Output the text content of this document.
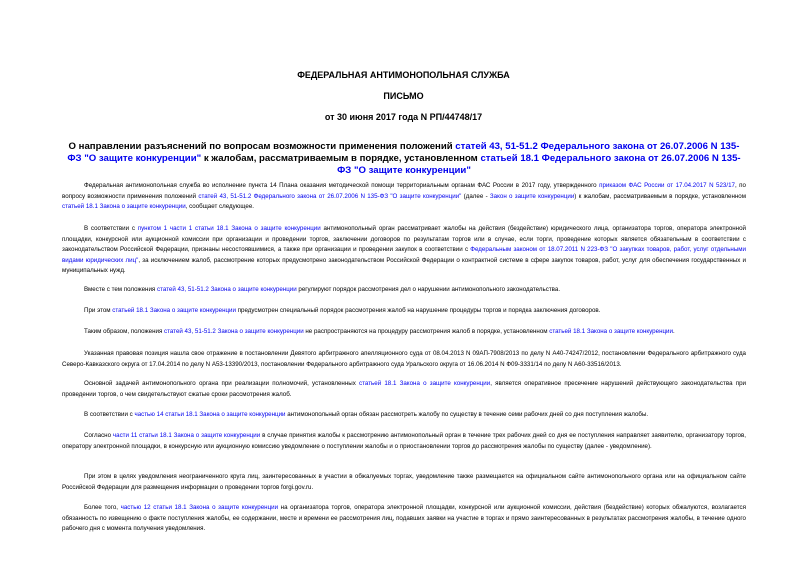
ФЕДЕРАЛЬНАЯ АНТИМОНОПОЛЬНАЯ СЛУЖБА
ПИСЬМО
от 30 июня 2017 года N РП/44748/17
О направлении разъяснений по вопросам возможности применения положений статей 43, 51-51.2 Федерального закона от 26.07.2006 N 135-ФЗ "О защите конкуренции" к жалобам, рассматриваемым в порядке, установленном статьей 18.1 Федерального закона от 26.07.2006 N 135-ФЗ "О защите конкуренции"
Федеральная антимонопольная служба во исполнение пункта 14 Плана оказания методической помощи территориальным органам ФАС России в 2017 году, утвержденного приказом ФАС России от 17.04.2017 N 523/17, по вопросу возможности применения положений статей 43, 51-51.2 Федерального закона от 26.07.2006 N 135-ФЗ "О защите конкуренции" (далее - Закон о защите конкуренции) к жалобам, рассматриваемым в порядке, установленном статьей 18.1 Закона о защите конкуренции, сообщает следующее.
В соответствии с пунктом 1 части 1 статьи 18.1 Закона о защите конкуренции антимонопольный орган рассматривает жалобы на действия (бездействие) юридического лица, организатора торгов, оператора электронной площадки, конкурсной или аукционной комиссии при организации и проведении торгов, заключении договоров по результатам торгов или в случае, если торги, проведение которых является обязательным в соответствии с законодательством Российской Федерации, признаны несостоявшимися, а также при организации и проведении закупок в соответствии с Федеральным законом от 18.07.2011 N 223-ФЗ "О закупках товаров, работ, услуг отдельными видами юридических лиц", за исключением жалоб, рассмотрение которых предусмотрено законодательством Российской Федерации о контрактной системе в сфере закупок товаров, работ, услуг для обеспечения государственных и муниципальных нужд.
Вместе с тем положения статей 43, 51-51.2 Закона о защите конкуренции регулируют порядок рассмотрения дел о нарушении антимонопольного законодательства.
При этом статьей 18.1 Закона о защите конкуренции предусмотрен специальный порядок рассмотрения жалоб на нарушение процедуры торгов и порядка заключения договоров.
Таким образом, положения статей 43, 51-51.2 Закона о защите конкуренции не распространяются на процедуру рассмотрения жалоб в порядке, установленном статьей 18.1 Закона о защите конкуренции.
Указанная правовая позиция нашла свое отражение в постановлении Девятого арбитражного апелляционного суда от 08.04.2013 N 09АП-7908/2013 по делу N А40-74247/2012, постановлении Федерального арбитражного суда Северо-Кавказского округа от 17.04.2014 по делу N А53-13390/2013, постановлении Федерального арбитражного суда Уральского округа от 16.06.2014 N Ф09-3331/14 по делу N А60-33516/2013.
Основной задачей антимонопольного органа при реализации полномочий, установленных статьей 18.1 Закона о защите конкуренции, является оперативное пресечение нарушений действующего законодательства при проведении торгов, о чем свидетельствуют сжатые сроки рассмотрения жалоб.
В соответствии с частью 14 статьи 18.1 Закона о защите конкуренции антимонопольный орган обязан рассмотреть жалобу по существу в течение семи рабочих дней со дня поступления жалобы.
Согласно части 11 статьи 18.1 Закона о защите конкуренции в случае принятия жалобы к рассмотрению антимонопольный орган в течение трех рабочих дней со дня ее поступления направляет заявителю, организатору торгов, оператору электронной площадки, в конкурсную или аукционную комиссию уведомление о поступлении жалобы и о приостановлении торгов до рассмотрения жалобы по существу (далее - уведомление).
При этом в целях уведомления неограниченного круга лиц, заинтересованных в участии в обжалуемых торгах, уведомление также размещается на официальном сайте антимонопольного органа или на официальном сайте Российской Федерации для размещения информации о проведении торгов forgi.gov.ru.
Более того, частью 12 статьи 18.1 Закона о защите конкуренции на организатора торгов, оператора электронной площадки, конкурсной или аукционной комиссии, действия (бездействие) которых обжалуются, возлагается обязанность по извещению о факте поступления жалобы, ее содержании, месте и времени ее рассмотрения лиц, подавших заявки на участие в торгах и прямо заинтересованных в результатах рассмотрения жалобы, в течение одного рабочего дня с момента получения уведомления.
